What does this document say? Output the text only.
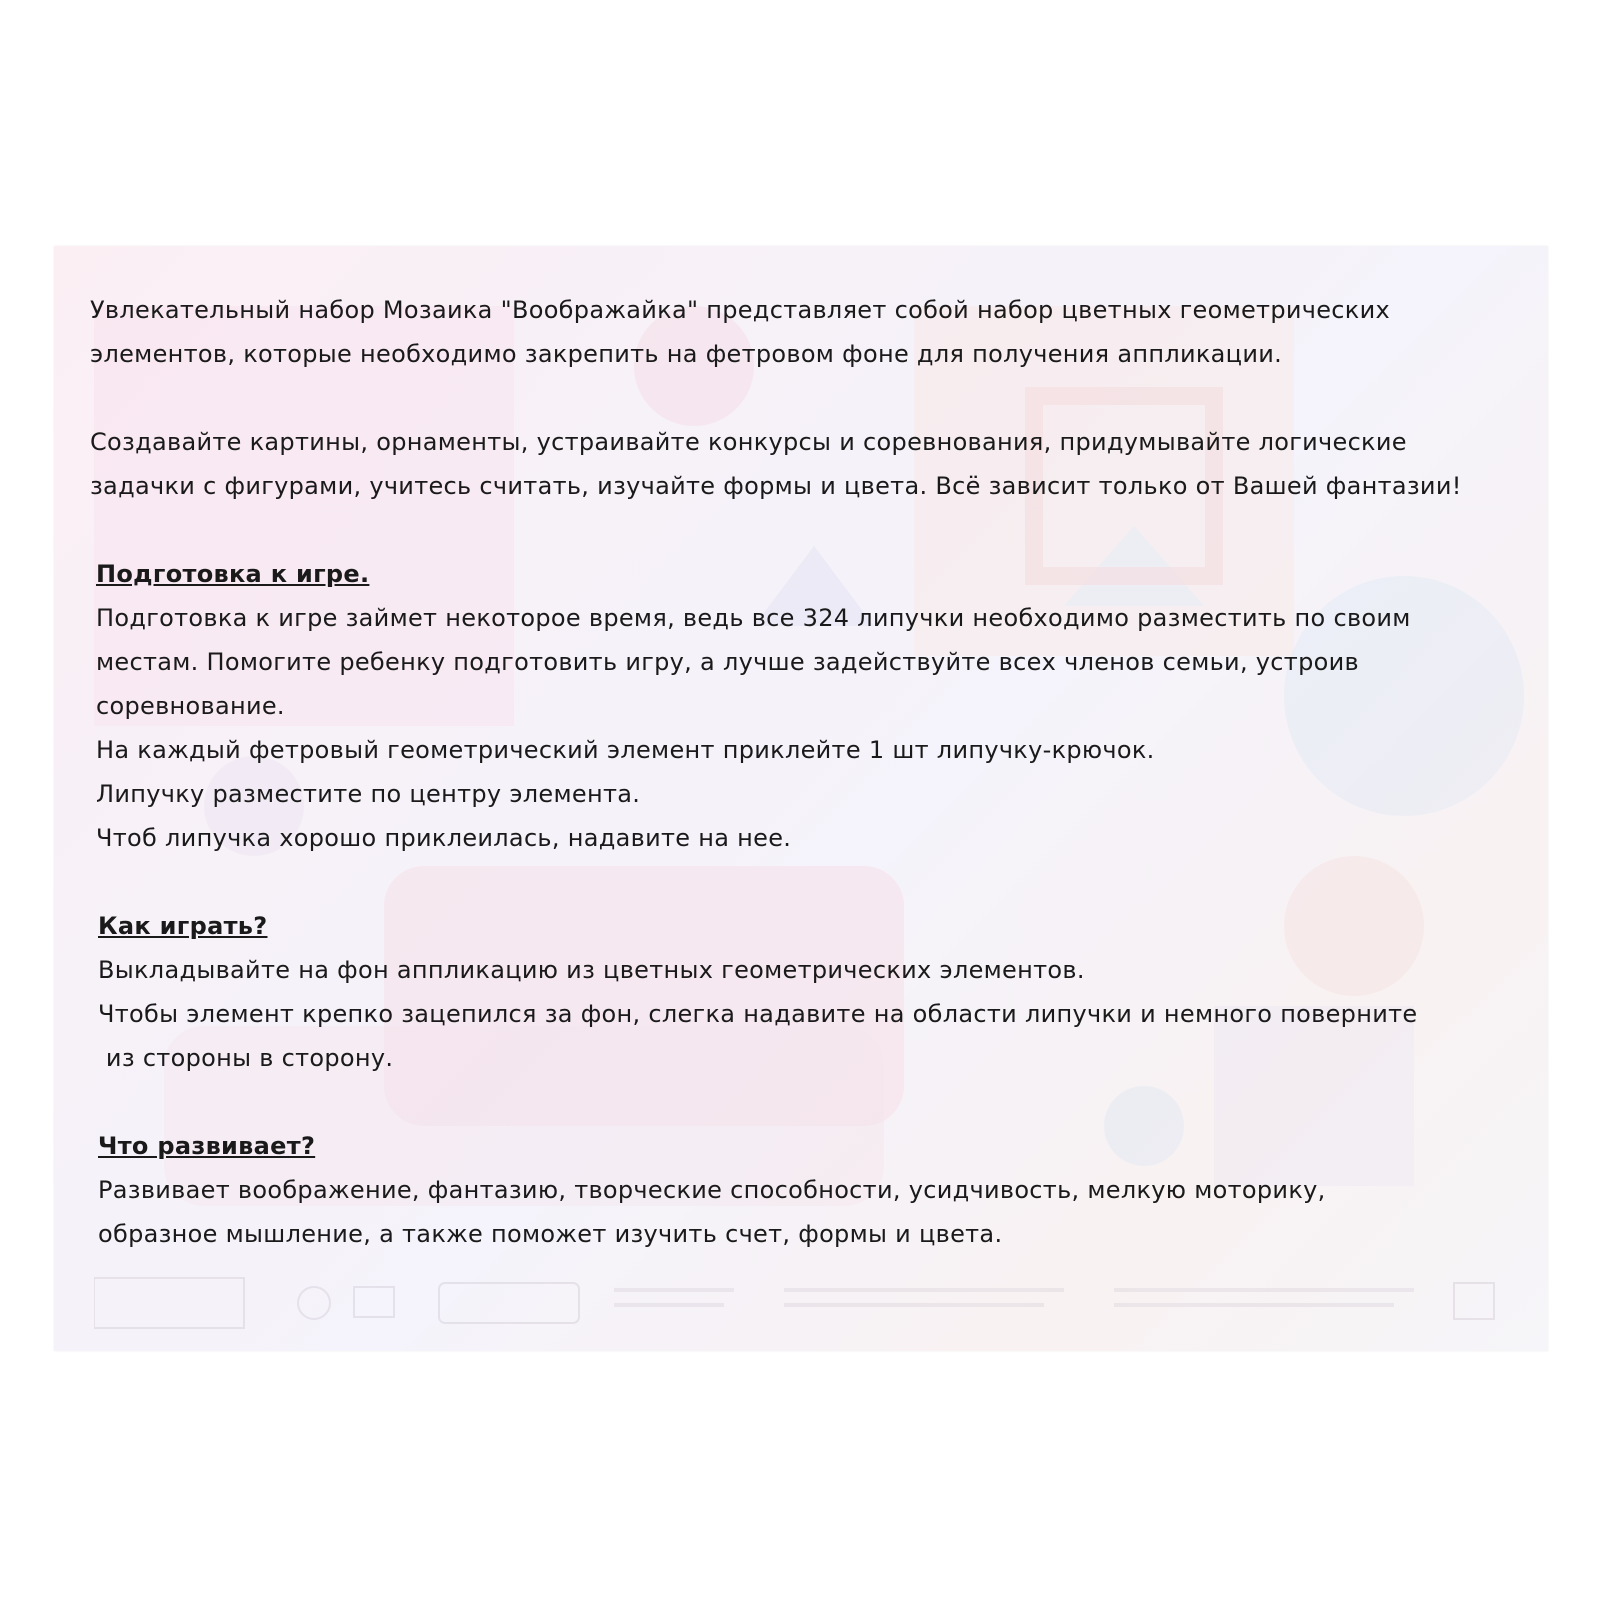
Увлекательный набор Мозаика "Воображайка" представляет собой набор цветных геометрических

элементов, которые необходимо закрепить на фетровом фоне для получения аппликации.

Создавайте картины, орнаменты, устраивайте конкурсы и соревнования, придумывайте логические

задачки с фигурами, учитесь считать, изучайте формы и цвета. Всё зависит только от Вашей фантазии!

Подготовка к игре.

Подготовка к игре займет некоторое время, ведь все 324 липучки необходимо разместить по своим

местам. Помогите ребенку подготовить игру, а лучше задействуйте всех членов семьи, устроив

соревнование.

На каждый фетровый геометрический элемент приклейте 1 шт липучку-крючок.

Липучку разместите по центру элемента.

Чтоб липучка хорошо приклеилась, надавите на нее.

Как играть?

Выкладывайте на фон аппликацию из цветных геометрических элементов.

Чтобы элемент крепко зацепился за фон, слегка надавите на области липучки и немного поверните

из стороны в сторону.

Что развивает?

Развивает воображение, фантазию, творческие способности, усидчивость, мелкую моторику,

образное мышление, а также поможет изучить счет, формы и цвета.
